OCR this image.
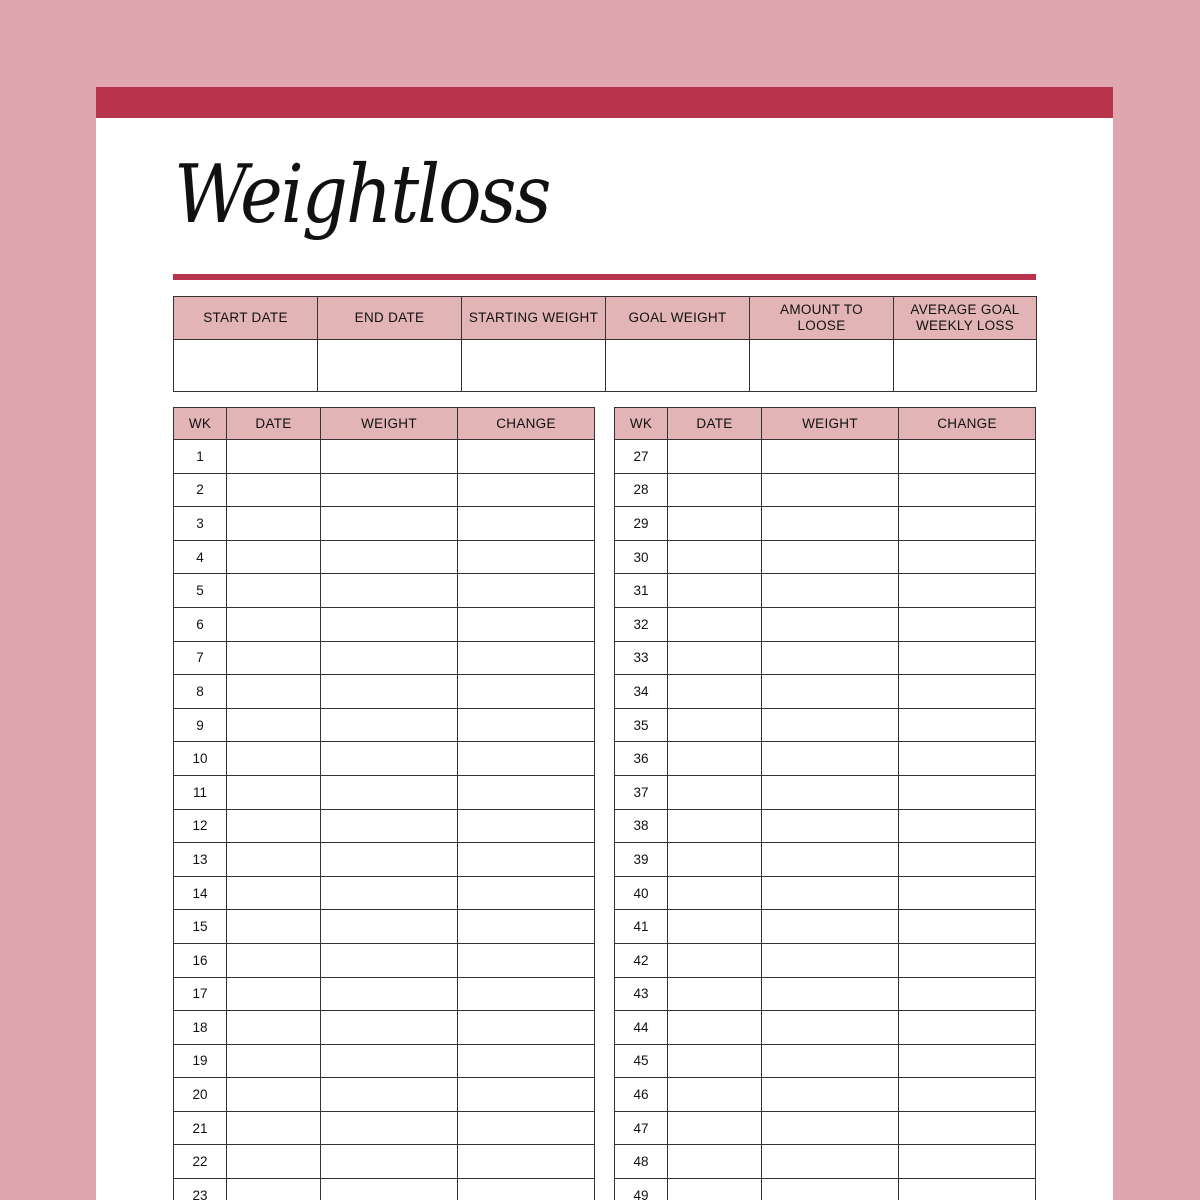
Weightloss
START DATE	END DATE	STARTING WEIGHT	GOAL WEIGHT	AMOUNT TO LOOSE	AVERAGE GOAL WEEKLY LOSS

WK	DATE	WEIGHT	CHANGE
1			
2			
3			
4			
5			
6			
7			
8			
9			
10			
11			
12			
13			
14			
15			
16			
17			
18			
19			
20			
21			
22			
23			
WK	DATE	WEIGHT	CHANGE
27			
28			
29			
30			
31			
32			
33			
34			
35			
36			
37			
38			
39			
40			
41			
42			
43			
44			
45			
46			
47			
48			
49			
